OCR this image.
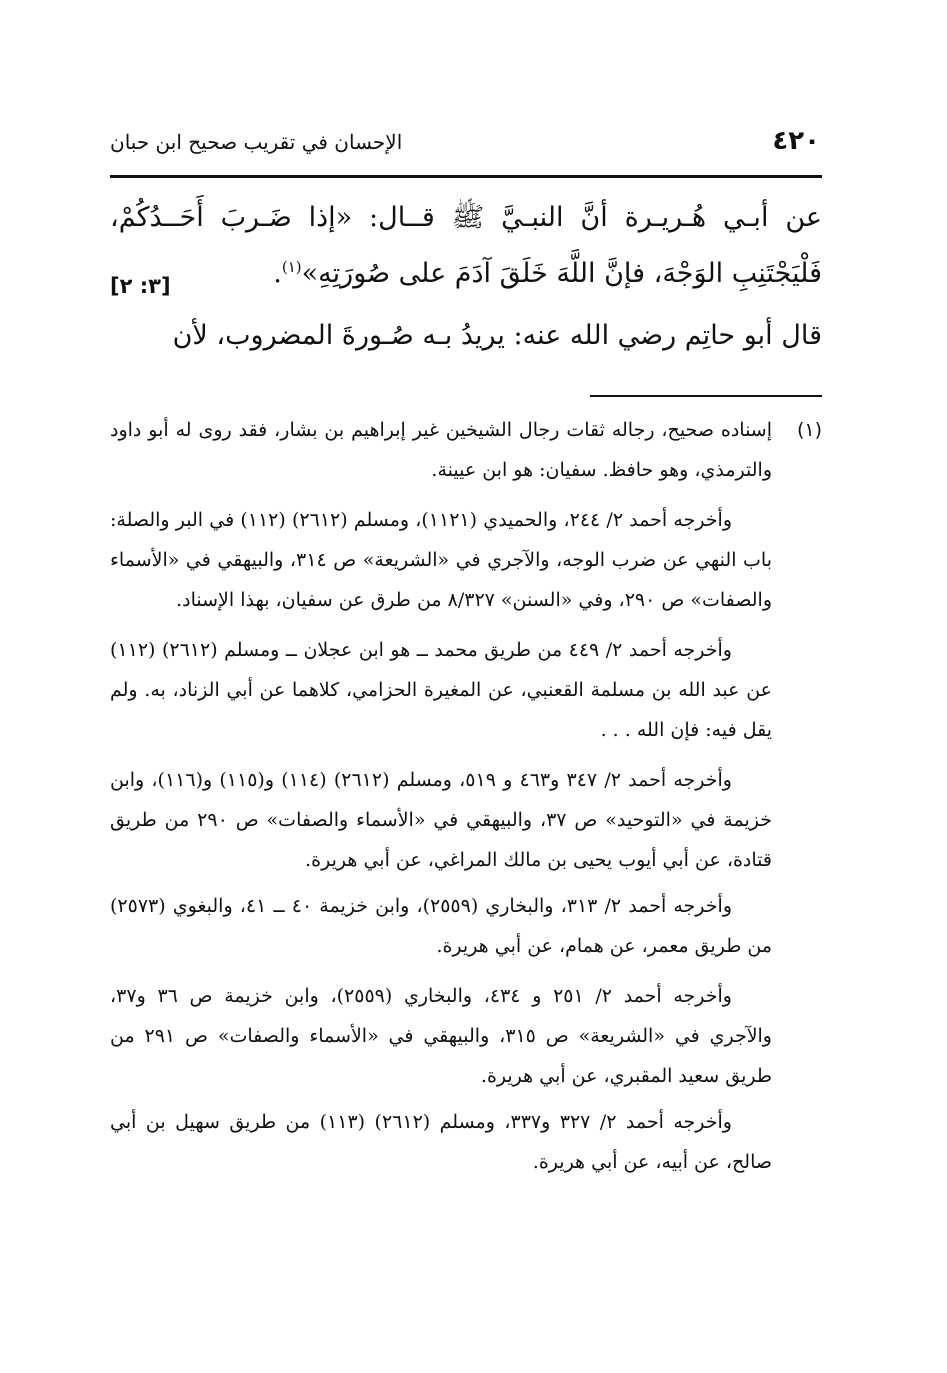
٤٢٠
الإحسان في تقريب صحيح ابن حبان

عن أبـي هُـريـرة أنَّ النبـيَّ ﷺ قــال: «إذا ضَـربَ أَحَــدُكُمْ، فَلْيَجْتَنِبِ الوَجْهَ، فإنَّ اللَّهَ خَلَقَ آدَمَ على صُورَتِهِ»$^{(١)}$.
[٣: ٢]

قال أبو حاتِم رضي الله عنه: يريدُ بـه صُـورةَ المضروب، لأن

(١)
إسناده صحيح، رجاله ثقات رجال الشيخين غير إبراهيم بن بشار، فقد روى له أبو داود والترمذي، وهو حافظ. سفيان: هو ابن عيينة.

وأخرجه أحمد ٢/ ٢٤٤، والحميدي (١١٢١)، ومسلم (٢٦١٢) (١١٢) في البر والصلة: باب النهي عن ضرب الوجه، والآجري في «الشريعة» ص ٣١٤، والبيهقي في «الأسماء والصفات» ص ٢٩٠، وفي «السنن» ٨/٣٢٧ من طرق عن سفيان، بهذا الإسناد.

وأخرجه أحمد ٢/ ٤٤٩ من طريق محمد ــ هو ابن عجلان ــ ومسلم (٢٦١٢) (١١٢) عن عبد الله بن مسلمة القعنبي، عن المغيرة الحزامي، كلاهما عن أبي الزناد، به. ولم يقل فيه: فإن الله . . .

وأخرجه أحمد ٢/ ٣٤٧ و٤٦٣ و ٥١٩، ومسلم (٢٦١٢) (١١٤) و(١١٥) و(١١٦)، وابن خزيمة في «التوحيد» ص ٣٧، والبيهقي في «الأسماء والصفات» ص ٢٩٠ من طريق قتادة، عن أبي أيوب يحيى بن مالك المراغي، عن أبي هريرة.

وأخرجه أحمد ٢/ ٣١٣، والبخاري (٢٥٥٩)، وابن خزيمة ٤٠ ــ ٤١، والبغوي (٢٥٧٣) من طريق معمر، عن همام، عن أبي هريرة.

وأخرجه أحمد ٢/ ٢٥١ و ٤٣٤، والبخاري (٢٥٥٩)، وابن خزيمة ص ٣٦ و٣٧، والآجري في «الشريعة» ص ٣١٥، والبيهقي في «الأسماء والصفات» ص ٢٩١ من طريق سعيد المقبري، عن أبي هريرة.

وأخرجه أحمد ٢/ ٣٢٧ و٣٣٧، ومسلم (٢٦١٢) (١١٣) من طريق سهيل بن أبي صالح، عن أبيه، عن أبي هريرة.
